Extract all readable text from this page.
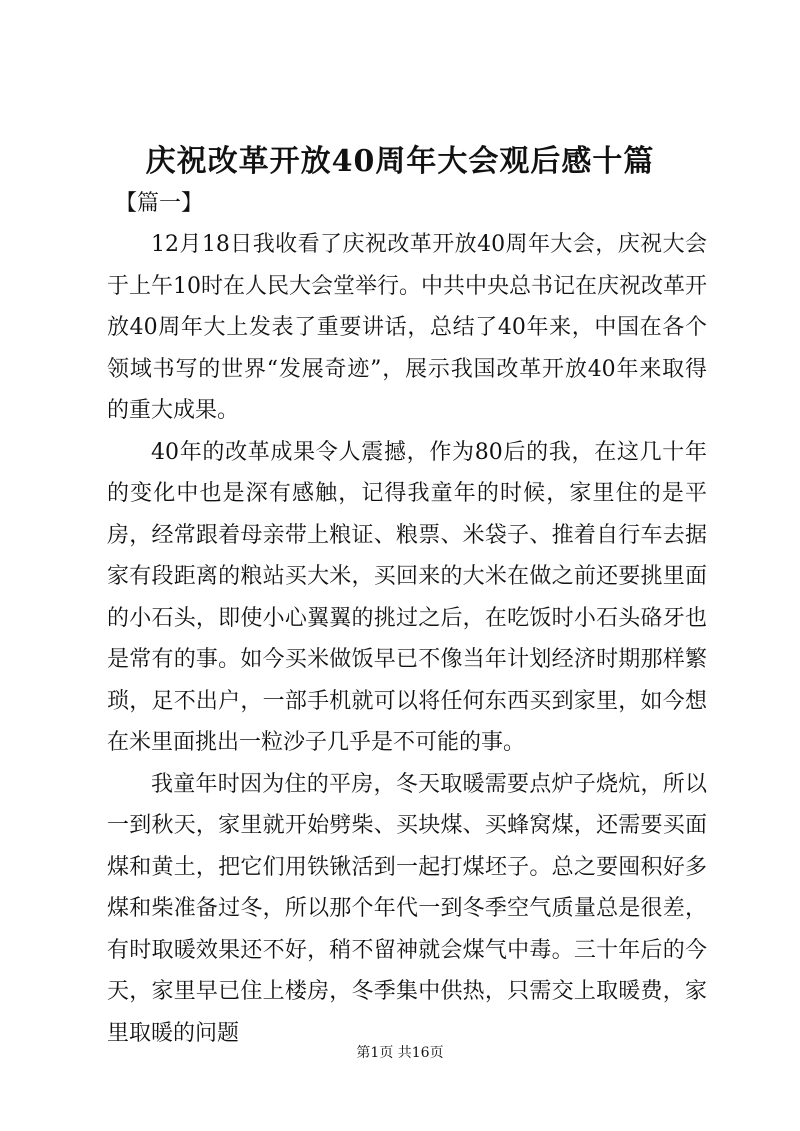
庆祝改革开放40周年大会观后感十篇
【篇一】

12月18日我收看了庆祝改革开放40周年大会，庆祝大会于上午10时在人民大会堂举行。中共中央总书记在庆祝改革开放40周年大上发表了重要讲话，总结了40年来，中国在各个领域书写的世界“发展奇迹”，展示我国改革开放40年来取得的重大成果。

40年的改革成果令人震撼，作为80后的我，在这几十年的变化中也是深有感触，记得我童年的时候，家里住的是平房，经常跟着母亲带上粮证、粮票、米袋子、推着自行车去据家有段距离的粮站买大米，买回来的大米在做之前还要挑里面的小石头，即使小心翼翼的挑过之后，在吃饭时小石头硌牙也是常有的事。如今买米做饭早已不像当年计划经济时期那样繁琐，足不出户，一部手机就可以将任何东西买到家里，如今想在米里面挑出一粒沙子几乎是不可能的事。

我童年时因为住的平房，冬天取暖需要点炉子烧炕，所以一到秋天，家里就开始劈柴、买块煤、买蜂窝煤，还需要买面煤和黄土，把它们用铁锹活到一起打煤坯子。总之要囤积好多煤和柴准备过冬，所以那个年代一到冬季空气质量总是很差，有时取暖效果还不好，稍不留神就会煤气中毒。三十年后的今天，家里早已住上楼房，冬季集中供热，只需交上取暖费，家里取暖的问题

第1页 共16页
